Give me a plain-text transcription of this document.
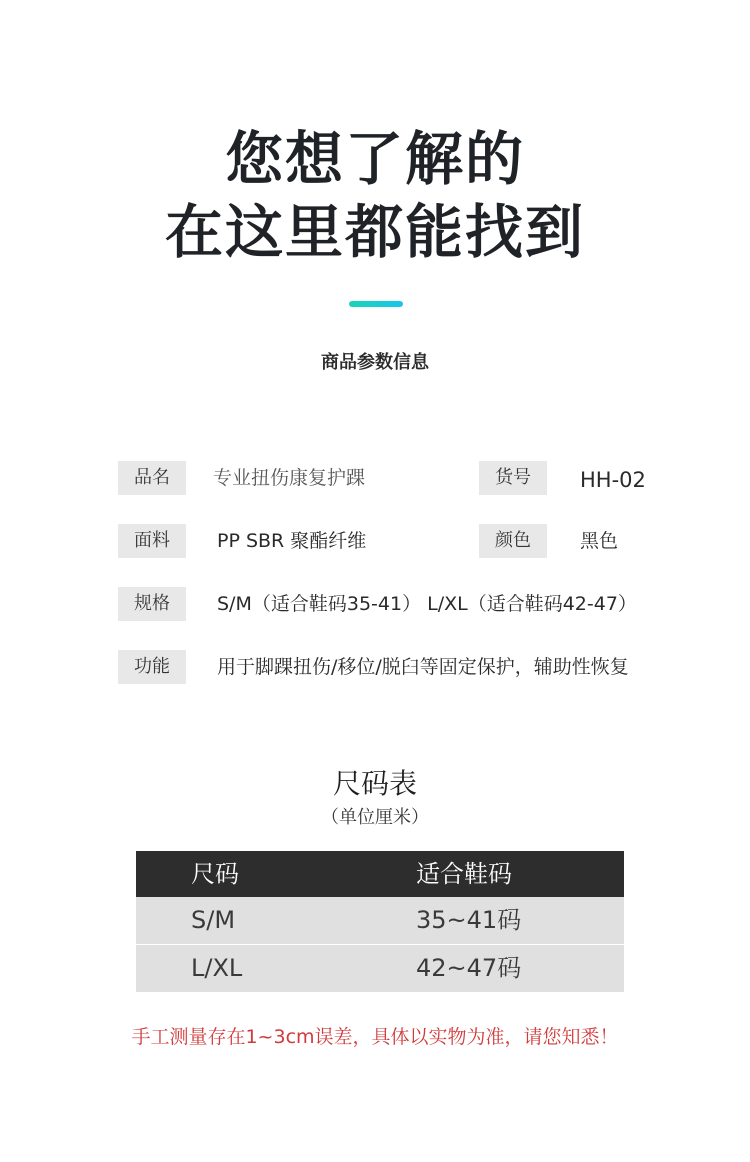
您想了解的
在这里都能找到
商品参数信息
品名	专业扭伤康复护踝	货号	HH-02
面料	PP SBR 聚酯纤维	颜色	黑色
规格	S/M（适合鞋码35-41） L/XL（适合鞋码42-47）
功能	用于脚踝扭伤/移位/脱臼等固定保护，辅助性恢复
尺码表
（单位厘米）
尺码	适合鞋码
S/M	35~41码
L/XL	42~47码
手工测量存在1~3cm误差，具体以实物为准，请您知悉！
